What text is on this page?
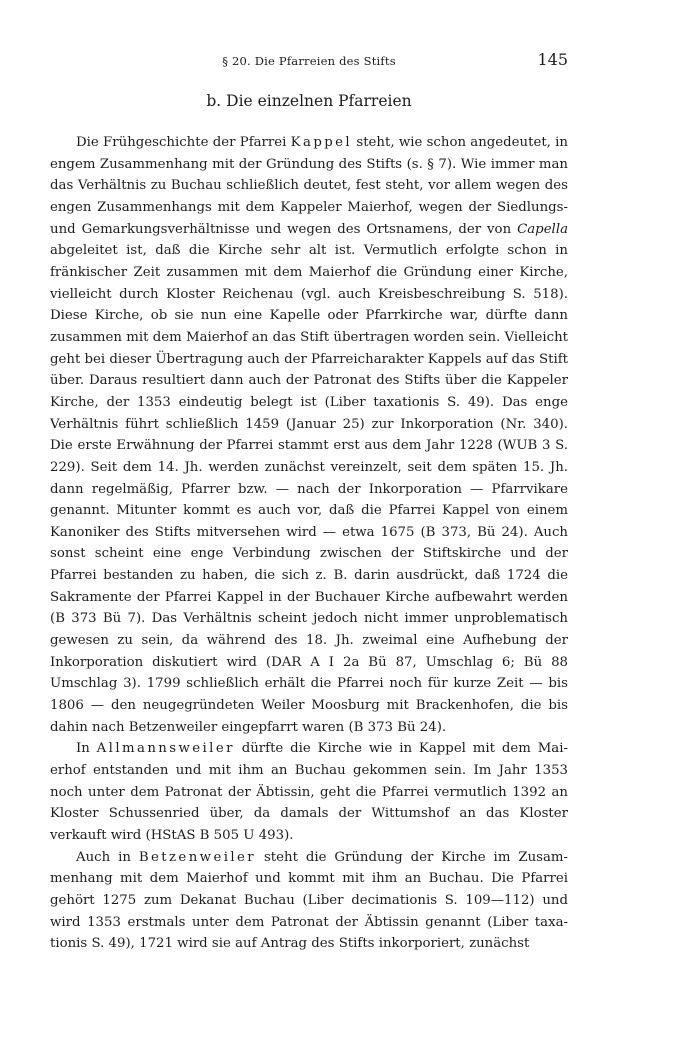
§ 20. Die Pfarreien des Stifts	145
b. Die einzelnen Pfarreien

Die Frühgeschichte der Pfarrei Kappel steht, wie schon angedeutet, in engem Zusammenhang mit der Gründung des Stifts (s. § 7). Wie immer man das Verhältnis zu Buchau schließlich deutet, fest steht, vor allem wegen des engen Zusammenhangs mit dem Kappeler Maierhof, wegen der Siedlungs- und Gemarkungsverhältnisse und wegen des Ortsnamens, der von Capella abgeleitet ist, daß die Kirche sehr alt ist. Vermutlich erfolgte schon in fränkischer Zeit zusammen mit dem Maierhof die Gründung einer Kirche, vielleicht durch Kloster Reichenau (vgl. auch Kreisbeschreibung S. 518). Diese Kirche, ob sie nun eine Kapelle oder Pfarrkirche war, dürfte dann zusammen mit dem Maierhof an das Stift übertragen worden sein. Vielleicht geht bei dieser Übertragung auch der Pfarreicharakter Kappels auf das Stift über. Daraus resultiert dann auch der Patronat des Stifts über die Kappeler Kirche, der 1353 eindeutig belegt ist (Liber taxationis S. 49). Das enge Verhältnis führt schließlich 1459 (Januar 25) zur Inkorporation (Nr. 340). Die erste Erwähnung der Pfarrei stammt erst aus dem Jahr 1228 (WUB 3 S. 229). Seit dem 14. Jh. werden zunächst vereinzelt, seit dem späten 15. Jh. dann regelmäßig, Pfarrer bzw. — nach der Inkorporation — Pfarrvikare genannt. Mitunter kommt es auch vor, daß die Pfarrei Kappel von einem Kanoniker des Stifts mitversehen wird — etwa 1675 (B 373, Bü 24). Auch sonst scheint eine enge Verbindung zwischen der Stiftskirche und der Pfarrei bestanden zu haben, die sich z. B. darin ausdrückt, daß 1724 die Sakramente der Pfarrei Kappel in der Buchauer Kirche aufbewahrt werden (B 373 Bü 7). Das Verhältnis scheint jedoch nicht immer unproblematisch gewesen zu sein, da während des 18. Jh. zweimal eine Aufhebung der Inkorporation diskutiert wird (DAR A I 2a Bü 87, Umschlag 6; Bü 88 Umschlag 3). 1799 schließlich erhält die Pfarrei noch für kurze Zeit — bis 1806 — den neugegründeten Weiler Moosburg mit Brackenhofen, die bis dahin nach Betzenweiler eingepfarrt waren (B 373 Bü 24).

In Allmannsweiler dürfte die Kirche wie in Kappel mit dem Maierhof entstanden und mit ihm an Buchau gekommen sein. Im Jahr 1353 noch unter dem Patronat der Äbtissin, geht die Pfarrei vermutlich 1392 an Kloster Schussenried über, da damals der Wittumshof an das Kloster verkauft wird (HStAS B 505 U 493).

Auch in Betzenweiler steht die Gründung der Kirche im Zusammenhang mit dem Maierhof und kommt mit ihm an Buchau. Die Pfarrei gehört 1275 zum Dekanat Buchau (Liber decimationis S. 109—112) und wird 1353 erstmals unter dem Patronat der Äbtissin genannt (Liber taxationis S. 49), 1721 wird sie auf Antrag des Stifts inkorporiert, zunächst
